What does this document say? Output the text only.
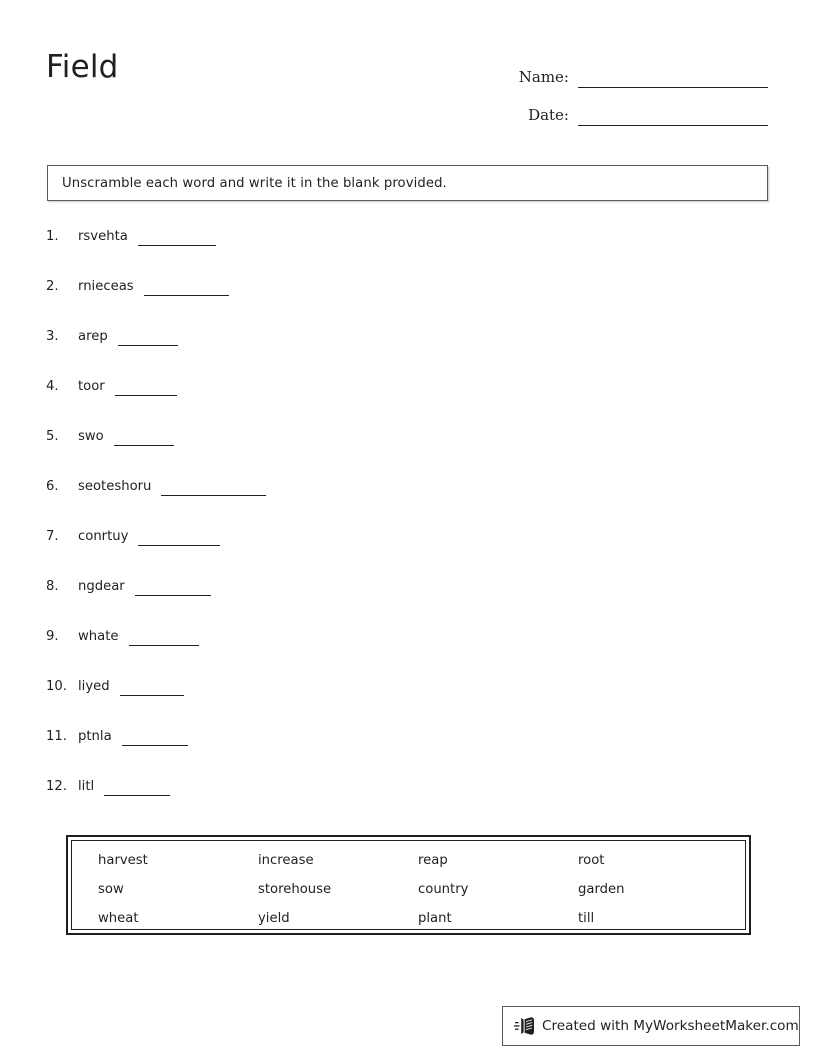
Field	Name:
Date:
Unscramble each word and write it in the blank provided.
1.	rsvehta
2.	rnieceas
3.	arep
4.	toor
5.	swo
6.	seoteshoru
7.	conrtuy
8.	ngdear
9.	whate
10. liyed
11. ptnla
12. litl
harvest	increase	reap	root
sow	storehouse	country	garden
wheat	yield	plant	till
Created with MyWorksheetMaker.com
